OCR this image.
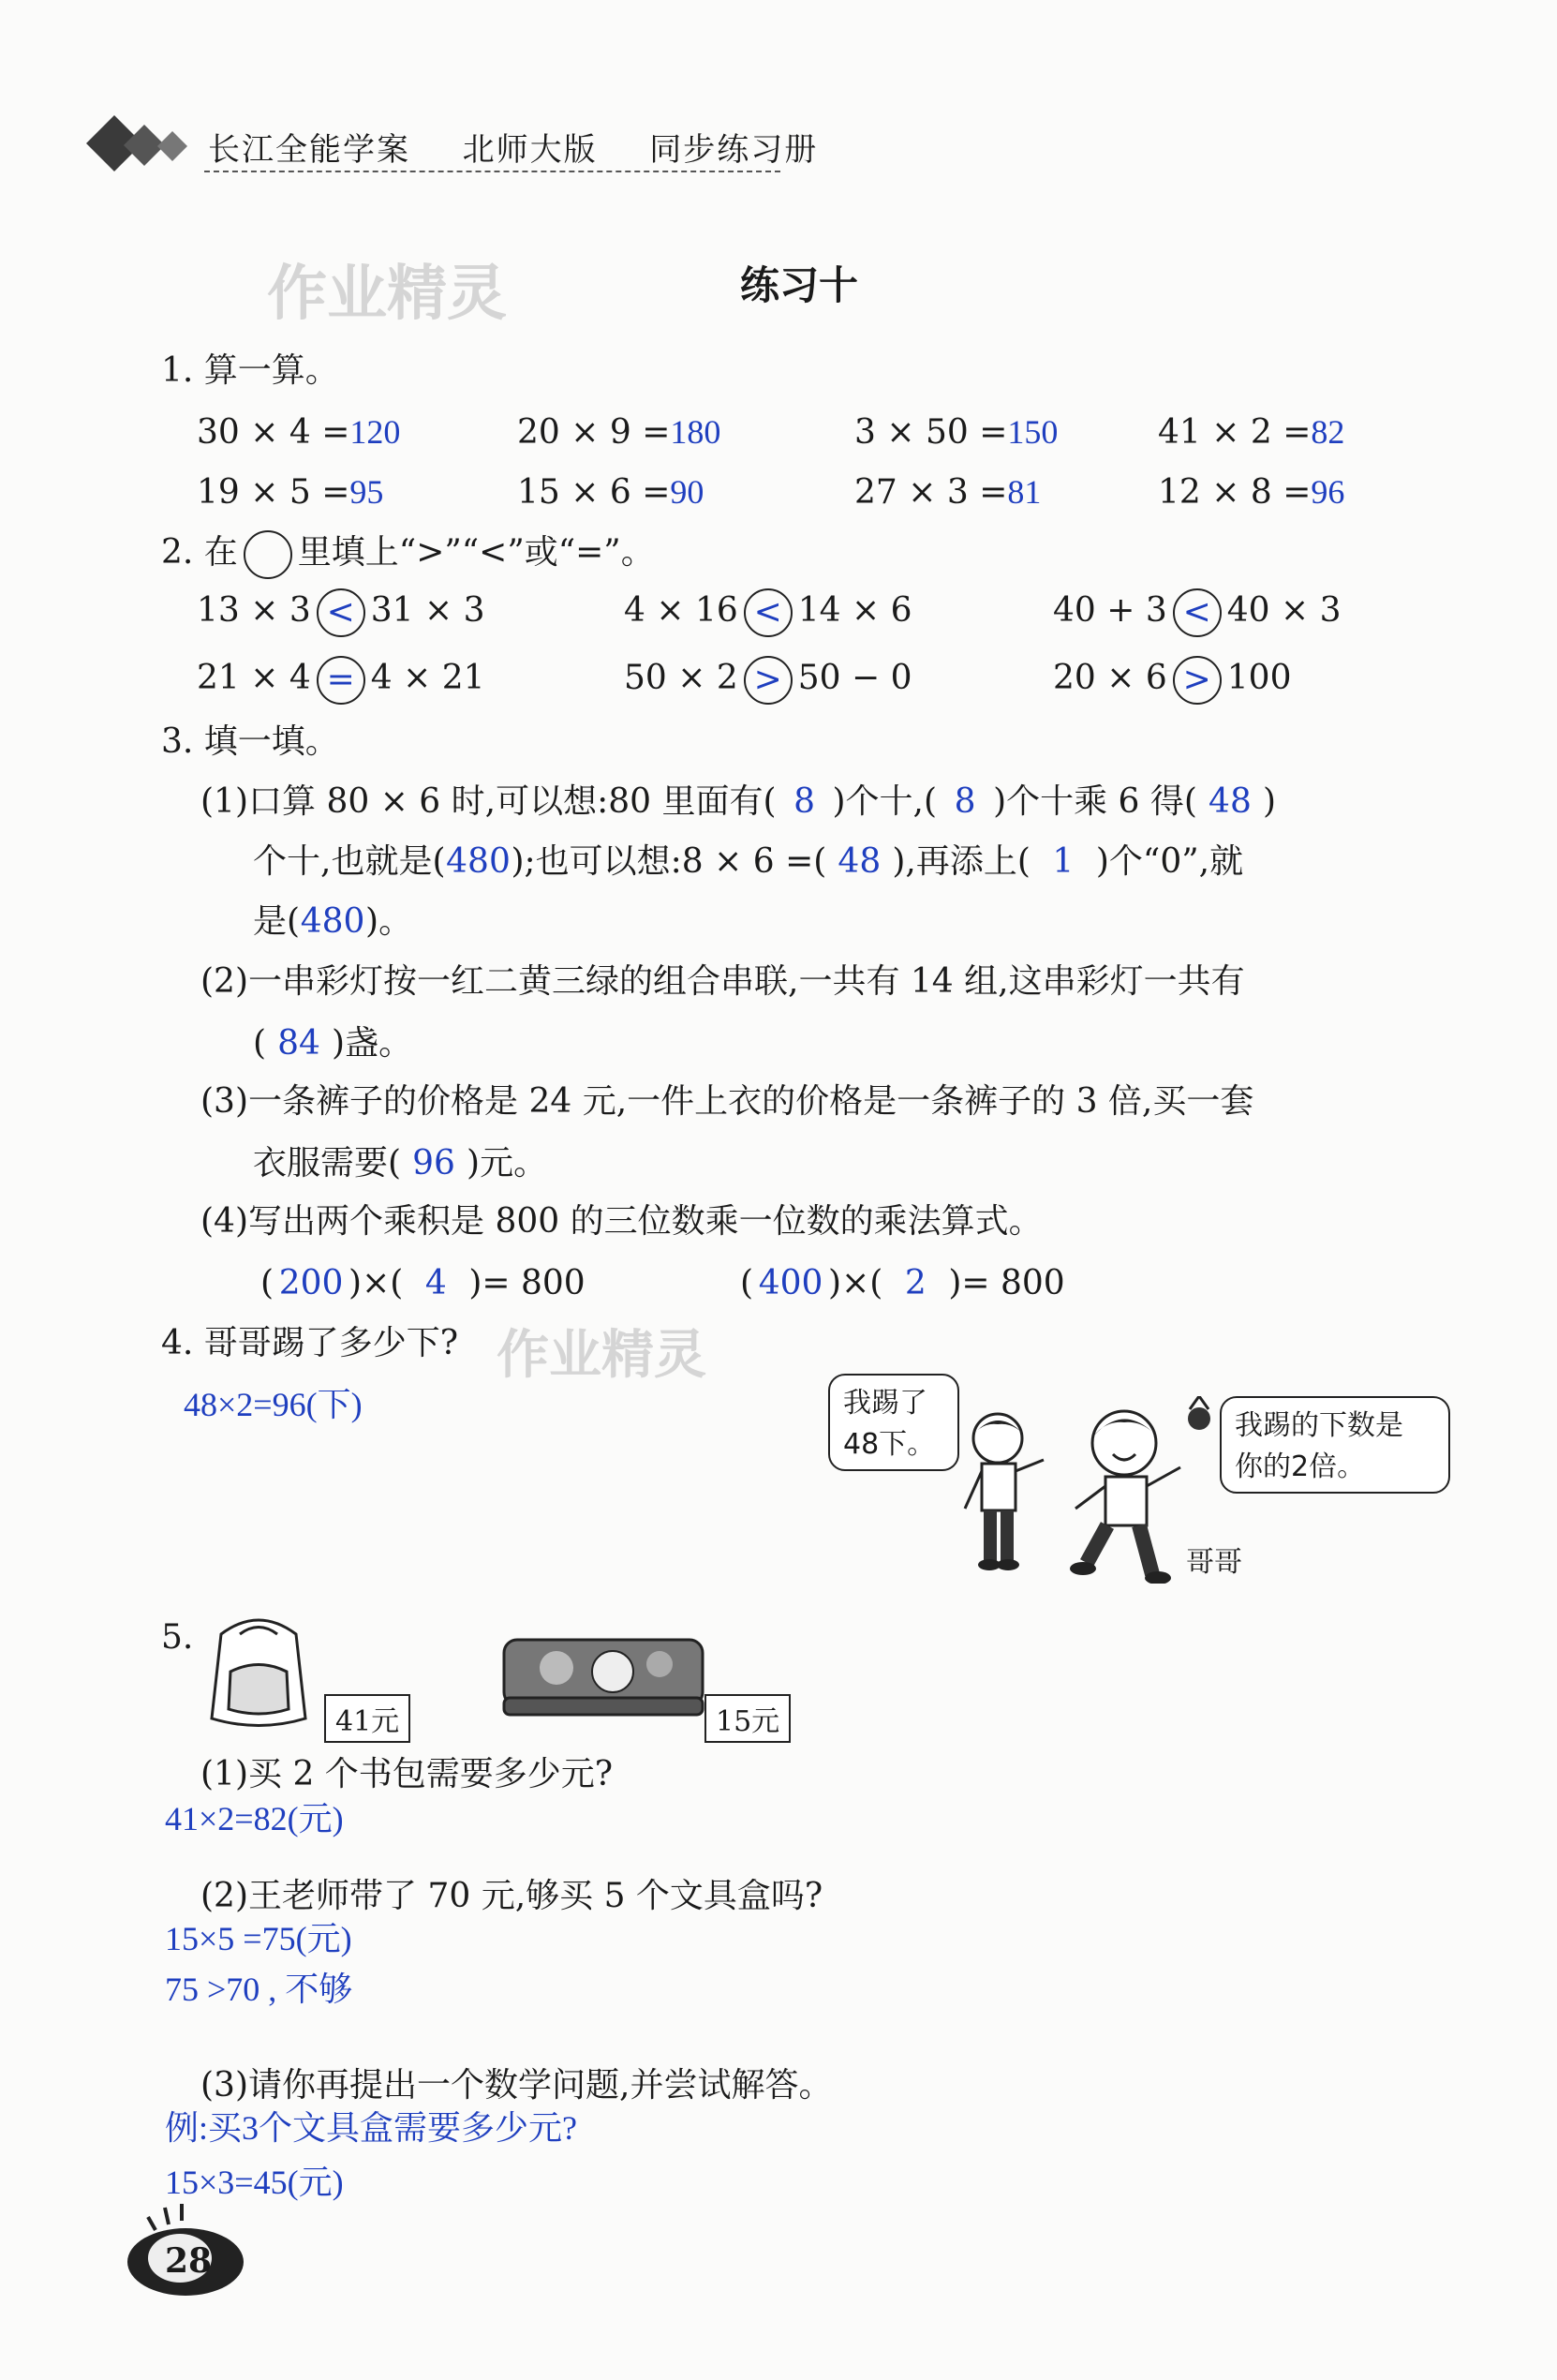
长江全能学案 北师大版 同步练习册
作业精灵	练习十
1. 算一算。
30 × 4 =120	20 × 9 =180	3 × 50 =150	41 × 2 =82
19 × 5 =95	15 × 6 =90	27 × 3 =81	12 × 8 =96
2. 在 里填上“>”“<”或“=”。
13 × 3 < 31 × 3	4 × 16 < 14 × 6	40 + 3 < 40 × 3
21 × 4 = 4 × 21	50 × 2 > 50 − 0	20 × 6 > 100
3. 填一填。
(1)口算 80 × 6 时,可以想:80 里面有( 8 )个十,( 8 )个十乘 6 得( 48 )
个十,也就是(480);也可以想:8 × 6 =( 48 ),再添上( 1 )个“0”,就
是(480)。
(2)一串彩灯按一红二黄三绿的组合串联,一共有 14 组,这串彩灯一共有
( 84 )盏。
(3)一条裤子的价格是 24 元,一件上衣的价格是一条裤子的 3 倍,买一套
衣服需要( 96 )元。
(4)写出两个乘积是 800 的三位数乘一位数的乘法算式。
( 200 )×( 4 )= 800	( 400 )×( 2 )= 800
4. 哥哥踢了多少下? 作业精灵
48×2=96(下)	我踢了
48下。
我踢的下数是
你的2倍。
哥哥
5.
41元	15元
(1)买 2 个书包需要多少元?
41×2=82(元)
(2)王老师带了 70 元,够买 5 个文具盒吗?
15×5 =75(元)
75 >70 , 不够
(3)请你再提出一个数学问题,并尝试解答。
例:买3个文具盒需要多少元?
15×3=45(元)
28
